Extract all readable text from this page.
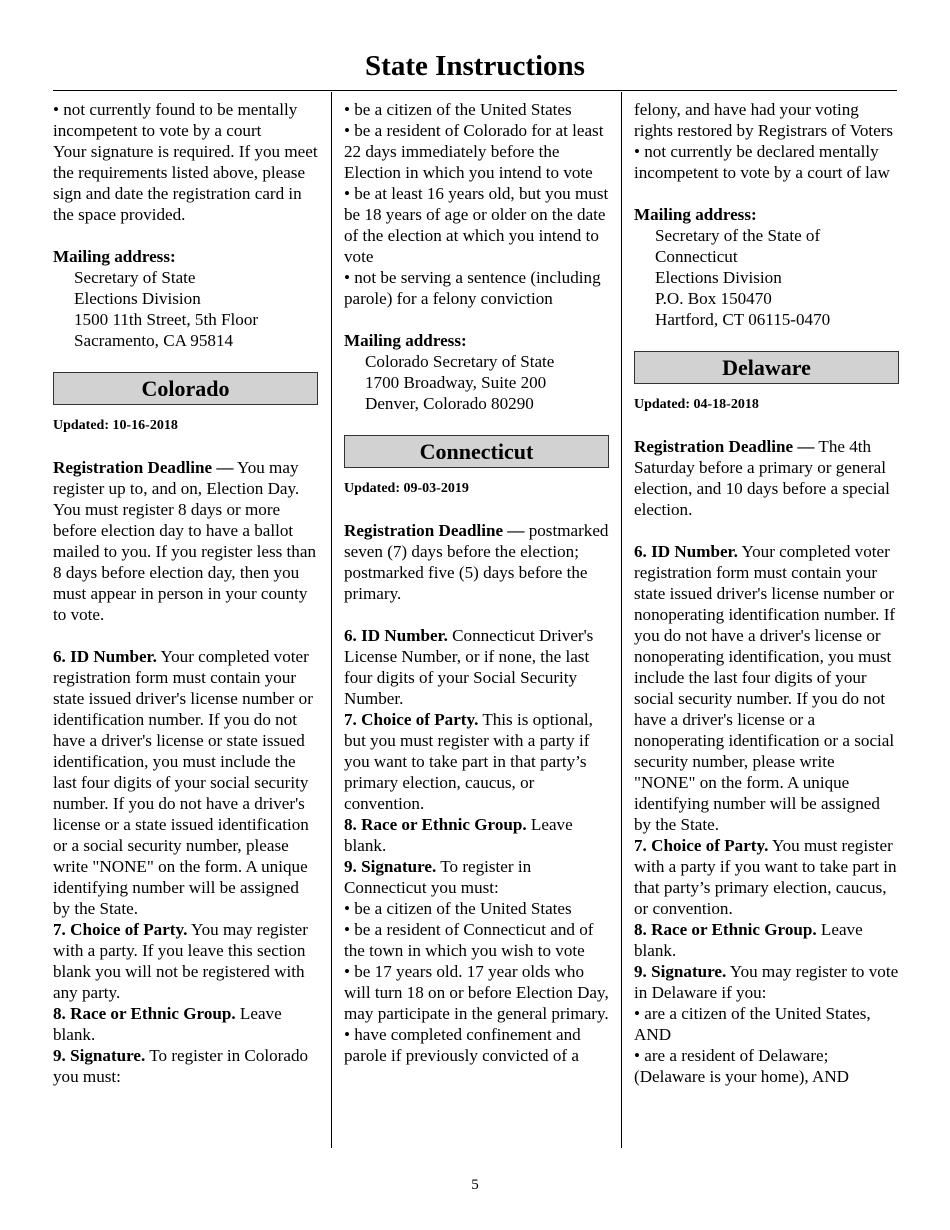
State Instructions

• not currently found to be mentally incompetent to vote by a court

Your signature is required. If you meet the requirements listed above, please sign and date the registration card in the space provided.

Mailing address:

Secretary of State

Elections Division

1500 11th Street, 5th Floor

Sacramento, CA 95814

Colorado

Updated: 10-16-2018

Registration Deadline — You may register up to, and on, Election Day. You must register 8 days or more before election day to have a ballot mailed to you. If you register less than 8 days before election day, then you must appear in person in your county to vote.

6. ID Number. Your completed voter registration form must contain your state issued driver's license number or identification number. If you do not have a driver's license or state issued identification, you must include the last four digits of your social security number. If you do not have a driver's license or a state issued identification or a social security number, please write "NONE" on the form. A unique identifying number will be assigned by the State.

7. Choice of Party. You may register with a party. If you leave this section blank you will not be registered with any party.

8. Race or Ethnic Group. Leave blank.

9. Signature. To register in Colorado you must:

• be a citizen of the United States

• be a resident of Colorado for at least 22 days immediately before the Election in which you intend to vote

• be at least 16 years old, but you must be 18 years of age or older on the date of the election at which you intend to vote

• not be serving a sentence (including parole) for a felony conviction

Mailing address:

Colorado Secretary of State

1700 Broadway, Suite 200

Denver, Colorado 80290

Connecticut

Updated: 09-03-2019

Registration Deadline — postmarked seven (7) days before the election; postmarked five (5) days before the primary.

6. ID Number. Connecticut Driver's License Number, or if none, the last four digits of your Social Security Number.

7. Choice of Party. This is optional, but you must register with a party if you want to take part in that party’s primary election, caucus, or convention.

8. Race or Ethnic Group. Leave blank.

9. Signature. To register in Connecticut you must:

• be a citizen of the United States

• be a resident of Connecticut and of the town in which you wish to vote

• be 17 years old. 17 year olds who will turn 18 on or before Election Day, may participate in the general primary.

• have completed confinement and parole if previously convicted of a

felony, and have had your voting rights restored by Registrars of Voters

• not currently be declared mentally incompetent to vote by a court of law

Mailing address:

Secretary of the State of Connecticut

Elections Division

P.O. Box 150470

Hartford, CT 06115-0470

Delaware

Updated: 04-18-2018

Registration Deadline — The 4th Saturday before a primary or general election, and 10 days before a special election.

6. ID Number. Your completed voter registration form must contain your state issued driver's license number or nonoperating identification number. If you do not have a driver's license or nonoperating identification, you must include the last four digits of your social security number. If you do not have a driver's license or a nonoperating identification or a social security number, please write "NONE" on the form. A unique identifying number will be assigned by the State.

7. Choice of Party. You must register with a party if you want to take part in that party’s primary election, caucus, or convention.

8. Race or Ethnic Group. Leave blank.

9. Signature. You may register to vote in Delaware if you:

• are a citizen of the United States, AND

• are a resident of Delaware; (Delaware is your home), AND

5
